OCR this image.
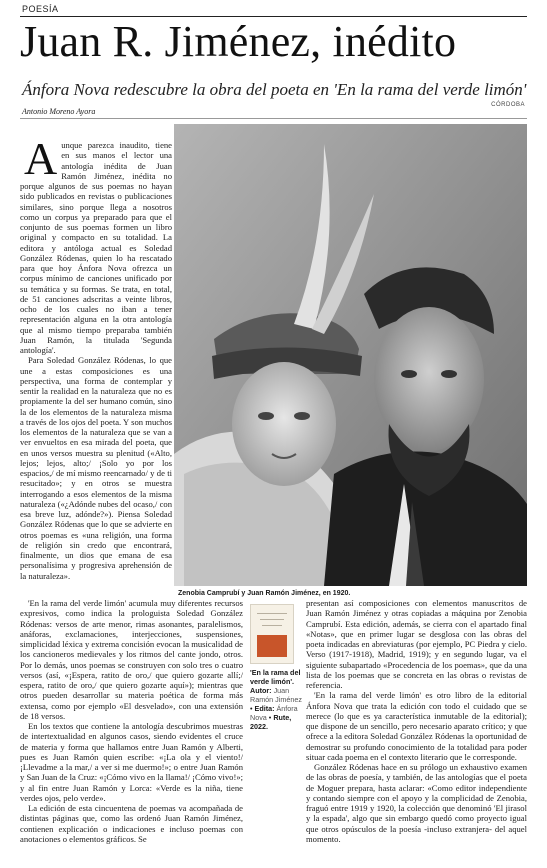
POESÍA
Juan R. Jiménez, inédito
Ánfora Nova redescubre la obra del poeta en 'En la rama del verde limón'
CÓRDOBA
Antonio Moreno Ayora
A unque parezca inaudito, tiene en sus manos el lector una antología inédita de Juan Ramón Jiménez, inédita no porque algunos de sus poemas no hayan sido publicados en revistas o publicaciones similares, sino porque llega a nosotros como un corpus ya preparado para que el conjunto de sus poemas formen un libro original y compacto en su totalidad. La editora y antóloga actual es Soledad González Ródenas, quien lo ha rescatado para que hoy Ánfora Nova ofrezca un corpus mínimo de canciones unificado por su temática y su formas. Se trata, en total, de 51 canciones adscritas a veinte libros, ocho de los cuales no iban a tener representación alguna en la otra antología que al mismo tiempo preparaba también Juan Ramón, la titulada 'Segunda antología'.

Para Soledad González Ródenas, lo que une a estas composiciones es una perspectiva, una forma de contemplar y sentir la realidad en la naturaleza que no es propiamente la del ser humano común, sino la de los elementos de la naturaleza misma a través de los ojos del poeta. Y son muchos los elementos de la naturaleza que se van a ver envueltos en esa mirada del poeta, que en unos versos muestra su plenitud («Alto, lejos; lejos, alto;/ ¡Solo yo por los espacios,/ de mí mismo reencarnado/ y de ti resucitado»; y en otros se muestra interrogando a esos elementos de la misma naturaleza («¿Adónde nubes del ocaso,/ con esa breve luz, adónde?»). Piensa Soledad González Ródenas que lo que se advierte en otros poemas es «una religión, una forma de religión sin credo que encontrará, finalmente, un dios que emana de esa personalísima y progresiva aprehensión de la naturaleza».

Zenobia Camprubí y Juan Ramón Jiménez, en 1920.

'En la rama del verde limón' acumula muy diferentes recursos expresivos, como indica la prologuista Soledad González Ródenas: versos de arte menor, rimas asonantes, paralelismos, anáforas, exclamaciones, interjecciones, suspensiones, simplicidad léxica y extrema concisión evocan la musicalidad de los cancioneros medievales y los ritmos del cante jondo, otros. Por lo demás, unos poemas se construyen con solo tres o cuatro versos (así, «¡Espera, ratito de oro,/ que quiero gozarte allí;/ espera, ratito de oro,/ que quiero gozarte aquí»); mientras que otros pueden desarrollar su materia poética de forma más extensa, como por ejemplo «El desvelado», con una extensión de 18 versos.

En los textos que contiene la antología descubrimos muestras de intertextualidad en algunos casos, siendo evidentes el cruce de materia y forma que hallamos entre Juan Ramón y Alberti, pues es Juan Ramón quien escribe: «¡La ola y el viento!/ ¡Llevadme a la mar,/ a ver si me duermo!»; o entre Juan Ramón y San Juan de la Cruz: «¡Cómo vivo en la llama!/ ¡Cómo vivo!»; y al fin entre Juan Ramón y Lorca: «Verde es la niña, tiene verdes ojos, pelo verde».

La edición de esta cincuentena de poemas va acompañada de distintas páginas que, como las ordenó Juan Ramón Jiménez, contienen explicación o indicaciones e incluso poemas con anotaciones o elementos gráficos. Se

'En la rama del verde limón'.
Autor: Juan Ramón Jiménez • Edita: Ánfora Nova • Rute, 2022.

presentan así composiciones con elementos manuscritos de Juan Ramón Jiménez y otras copiadas a máquina por Zenobia Camprubí. Esta edición, además, se cierra con el apartado final «Notas», que en primer lugar se desglosa con las obras del poeta indicadas en abreviaturas (por ejemplo, PC Piedra y cielo. Verso (1917-1918), Madrid, 1919); y en segundo lugar, va el siguiente subapartado «Procedencia de los poemas», que da una lista de los poemas que se concreta en las obras o revistas de referencia.

'En la rama del verde limón' es otro libro de la editorial Ánfora Nova que trata la edición con todo el cuidado que se merece (lo que es ya característica inmutable de la editorial); que dispone de un sencillo, pero necesario aparato crítico; y que ofrece a la editora Soledad González Ródenas la oportunidad de demostrar su profundo conocimiento de la totalidad para poder situar cada poema en el contexto literario que le corresponde.

González Ródenas hace en su prólogo un exhaustivo examen de las obras de poesía, y también, de las antologías que el poeta de Moguer prepara, hasta aclarar: «Como editor independiente y contando siempre con el apoyo y la complicidad de Zenobia, fraguó entre 1919 y 1920, la colección que denominó 'El jirasol y la espada', algo que sin embargo quedó como proyecto igual que otros opúsculos de la poesía -incluso extranjera- del aquel momento.
